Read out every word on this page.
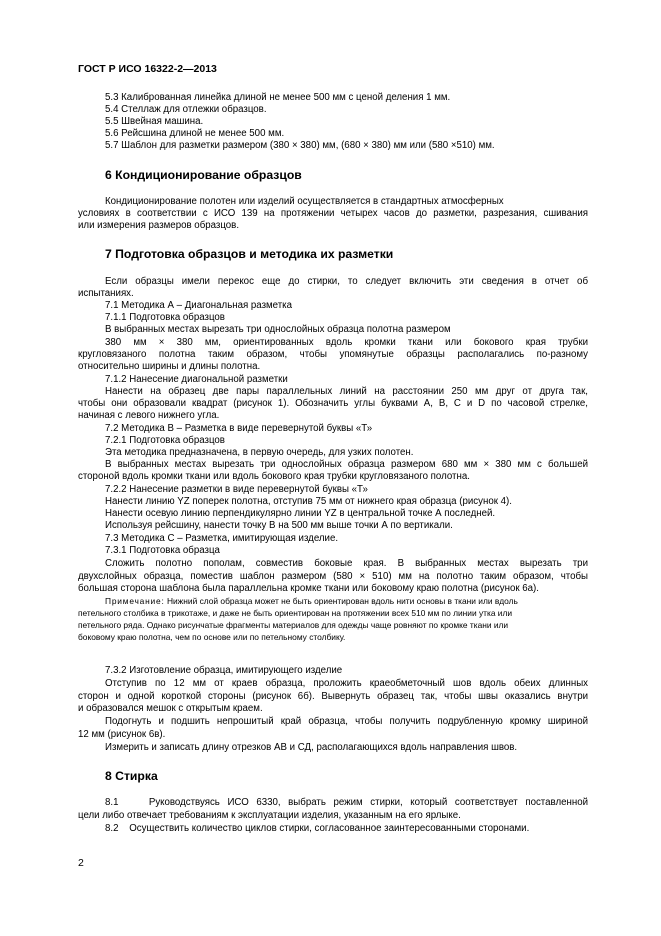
ГОСТ Р ИСО 16322-2—2013
5.3 Калиброванная линейка длиной не менее 500 мм с ценой деления 1 мм.
5.4 Стеллаж для отлежки образцов.
5.5 Швейная машина.
5.6 Рейсшина длиной не менее 500 мм.
5.7 Шаблон для разметки размером (380 × 380) мм, (680 × 380) мм или (580 ×510) мм.
6 Кондиционирование образцов
Кондиционирование полотен или изделий осуществляется в стандартных атмосферных
условиях в соответствии с ИСО 139 на протяжении четырех часов до разметки, разрезания, сшивания
или измерения размеров образцов.
7 Подготовка образцов и методика их разметки
Если образцы имели перекос еще до стирки, то следует включить эти сведения в отчет об
испытаниях.
7.1 Методика А – Диагональная разметка
7.1.1 Подготовка образцов
В выбранных местах вырезать три однослойных образца полотна размером
380 мм × 380 мм, ориентированных вдоль кромки ткани или бокового края трубки
кругловязаного полотна таким образом, чтобы упомянутые образцы располагались по-разному
относительно ширины и длины полотна.
7.1.2 Нанесение диагональной разметки
Нанести на образец две пары параллельных линий на расстоянии 250 мм друг от друга так,
чтобы они образовали квадрат (рисунок 1). Обозначить углы буквами А, В, С и D по часовой стрелке,
начиная с левого нижнего угла.
7.2 Методика В – Разметка в виде перевернутой буквы «Т»
7.2.1 Подготовка образцов
Эта методика предназначена, в первую очередь, для узких полотен.
В выбранных местах вырезать три однослойных образца размером 680 мм × 380 мм с большей
стороной вдоль кромки ткани или вдоль бокового края трубки кругловязаного полотна.
7.2.2 Нанесение разметки в виде перевернутой буквы «Т»
Нанести линию YZ поперек полотна, отступив 75 мм от нижнего края образца (рисунок 4).
Нанести осевую линию перпендикулярно линии YZ в центральной точке А последней.
Используя рейсшину, нанести точку В на 500 мм выше точки А по вертикали.
7.3 Методика С – Разметка, имитирующая изделие.
7.3.1 Подготовка образца
Сложить полотно пополам, совместив боковые края. В выбранных местах вырезать три
двухслойных образца, поместив шаблон размером (580 × 510) мм на полотно таким образом, чтобы
большая сторона шаблона была параллельна кромке ткани или боковому краю полотна (рисунок 6а).
Примечание: Нижний слой образца может не быть ориентирован вдоль нити основы в ткани или вдоль
петельного столбика в трикотаже, и даже не быть ориентирован на протяжении всех 510 мм по линии утка или
петельного ряда. Однако рисунчатые фрагменты материалов для одежды чаще ровняют по кромке ткани или
боковому краю полотна, чем по основе или по петельному столбику.
7.3.2 Изготовление образца, имитирующего изделие
Отступив по 12 мм от краев образца, проложить краеобметочный шов вдоль обеих длинных
сторон и одной короткой стороны (рисунок 6б). Вывернуть образец так, чтобы швы оказались внутри
и образовался мешок с открытым краем.
Подогнуть и подшить непрошитый край образца, чтобы получить подрубленную кромку шириной
12 мм (рисунок 6в).
Измерить и записать длину отрезков АВ и СД, располагающихся вдоль направления швов.
8 Стирка
8.1    Руководствуясь ИСО 6330, выбрать режим стирки, который соответствует поставленной
цели либо отвечает требованиям к эксплуатации изделия, указанным на его ярлыке.
8.2    Осуществить количество циклов стирки, согласованное заинтересованными сторонами.
2
